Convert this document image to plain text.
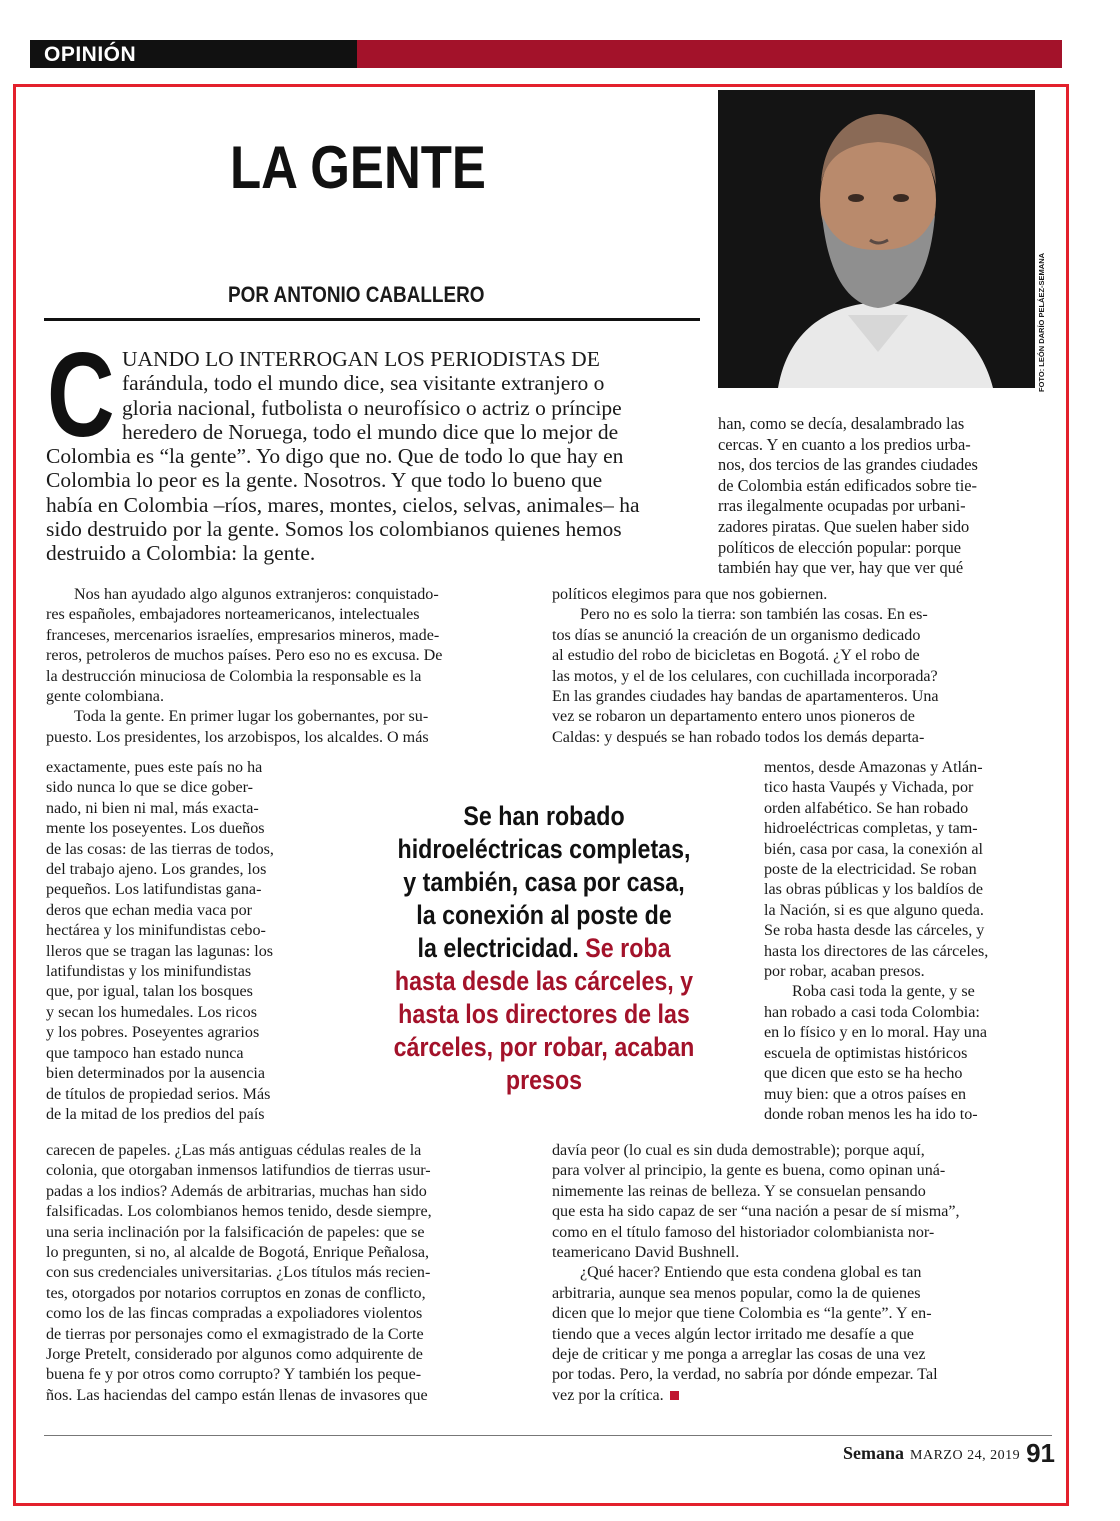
OPINIÓN
LA GENTE
POR ANTONIO CABALLERO	FOTO: LEÓN DARÍO PELÁEZ-SEMANA
C UANDO LO INTERROGAN LOS PERIODISTAS DE
farándula, todo el mundo dice, sea visitante extranjero o
gloria nacional, futbolista o neurofísico o actriz o príncipe
heredero de Noruega, todo el mundo dice que lo mejor de
Colombia es “la gente”. Yo digo que no. Que de todo lo que hay en
Colombia lo peor es la gente. Nosotros. Y que todo lo bueno que
había en Colombia –ríos, mares, montes, cielos, selvas, animales– ha
sido destruido por la gente. Somos los colombianos quienes hemos
destruido a Colombia: la gente.
han, como se decía, desalambrado las
cercas. Y en cuanto a los predios urba-
nos, dos tercios de las grandes ciudades
de Colombia están edificados sobre tie-
rras ilegalmente ocupadas por urbani-
zadores piratas. Que suelen haber sido
políticos de elección popular: porque
también hay que ver, hay que ver qué
Nos han ayudado algo algunos extranjeros: conquistado-
res españoles, embajadores norteamericanos, intelectuales
franceses, mercenarios israelíes, empresarios mineros, made-
reros, petroleros de muchos países. Pero eso no es excusa. De
la destrucción minuciosa de Colombia la responsable es la
gente colombiana.
Toda la gente. En primer lugar los gobernantes, por su-
puesto. Los presidentes, los arzobispos, los alcaldes. O más
exactamente, pues este país no ha
sido nunca lo que se dice gober-
nado, ni bien ni mal, más exacta-
mente los poseyentes. Los dueños
de las cosas: de las tierras de todos,
del trabajo ajeno. Los grandes, los
pequeños. Los latifundistas gana-
deros que echan media vaca por
hectárea y los minifundistas cebo-
lleros que se tragan las lagunas: los
latifundistas y los minifundistas
que, por igual, talan los bosques
y secan los humedales. Los ricos
y los pobres. Poseyentes agrarios
que tampoco han estado nunca
bien determinados por la ausencia
de títulos de propiedad serios. Más
de la mitad de los predios del país
carecen de papeles. ¿Las más antiguas cédulas reales de la
colonia, que otorgaban inmensos latifundios de tierras usur-
padas a los indios? Además de arbitrarias, muchas han sido
falsificadas. Los colombianos hemos tenido, desde siempre,
una seria inclinación por la falsificación de papeles: que se
lo pregunten, si no, al alcalde de Bogotá, Enrique Peñalosa,
con sus credenciales universitarias. ¿Los títulos más recien-
tes, otorgados por notarios corruptos en zonas de conflicto,
como los de las fincas compradas a expoliadores violentos
de tierras por personajes como el exmagistrado de la Corte
Jorge Pretelt, considerado por algunos como adquirente de
buena fe y por otros como corrupto? Y también los peque-
ños. Las haciendas del campo están llenas de invasores que
políticos elegimos para que nos gobiernen.
Pero no es solo la tierra: son también las cosas. En es-
tos días se anunció la creación de un organismo dedicado
al estudio del robo de bicicletas en Bogotá. ¿Y el robo de
las motos, y el de los celulares, con cuchillada incorporada?
En las grandes ciudades hay bandas de apartamenteros. Una
vez se robaron un departamento entero unos pioneros de
Caldas: y después se han robado todos los demás departa-
mentos, desde Amazonas y Atlán-
tico hasta Vaupés y Vichada, por
orden alfabético. Se han robado
hidroeléctricas completas, y tam-
bién, casa por casa, la conexión al
poste de la electricidad. Se roban
las obras públicas y los baldíos de
la Nación, si es que alguno queda.
Se roba hasta desde las cárceles, y
hasta los directores de las cárceles,
por robar, acaban presos.
Roba casi toda la gente, y se
han robado a casi toda Colombia:
en lo físico y en lo moral. Hay una
escuela de optimistas históricos
que dicen que esto se ha hecho
muy bien: que a otros países en
donde roban menos les ha ido to-
davía peor (lo cual es sin duda demostrable); porque aquí,
para volver al principio, la gente es buena, como opinan uná-
nimemente las reinas de belleza. Y se consuelan pensando
que esta ha sido capaz de ser “una nación a pesar de sí misma”,
como en el título famoso del historiador colombianista nor-
teamericano David Bushnell.
¿Qué hacer? Entiendo que esta condena global es tan
arbitraria, aunque sea menos popular, como la de quienes
dicen que lo mejor que tiene Colombia es “la gente”. Y en-
tiendo que a veces algún lector irritado me desafíe a que
deje de criticar y me ponga a arreglar las cosas de una vez
por todas. Pero, la verdad, no sabría por dónde empezar. Tal
vez por la crítica.
Se han robado
hidroeléctricas completas,
y también, casa por casa,
la conexión al poste de
la electricidad. Se roba
hasta desde las cárceles, y
hasta los directores de las
cárceles, por robar, acaban
presos
Semana MARZO 24, 2019 91
